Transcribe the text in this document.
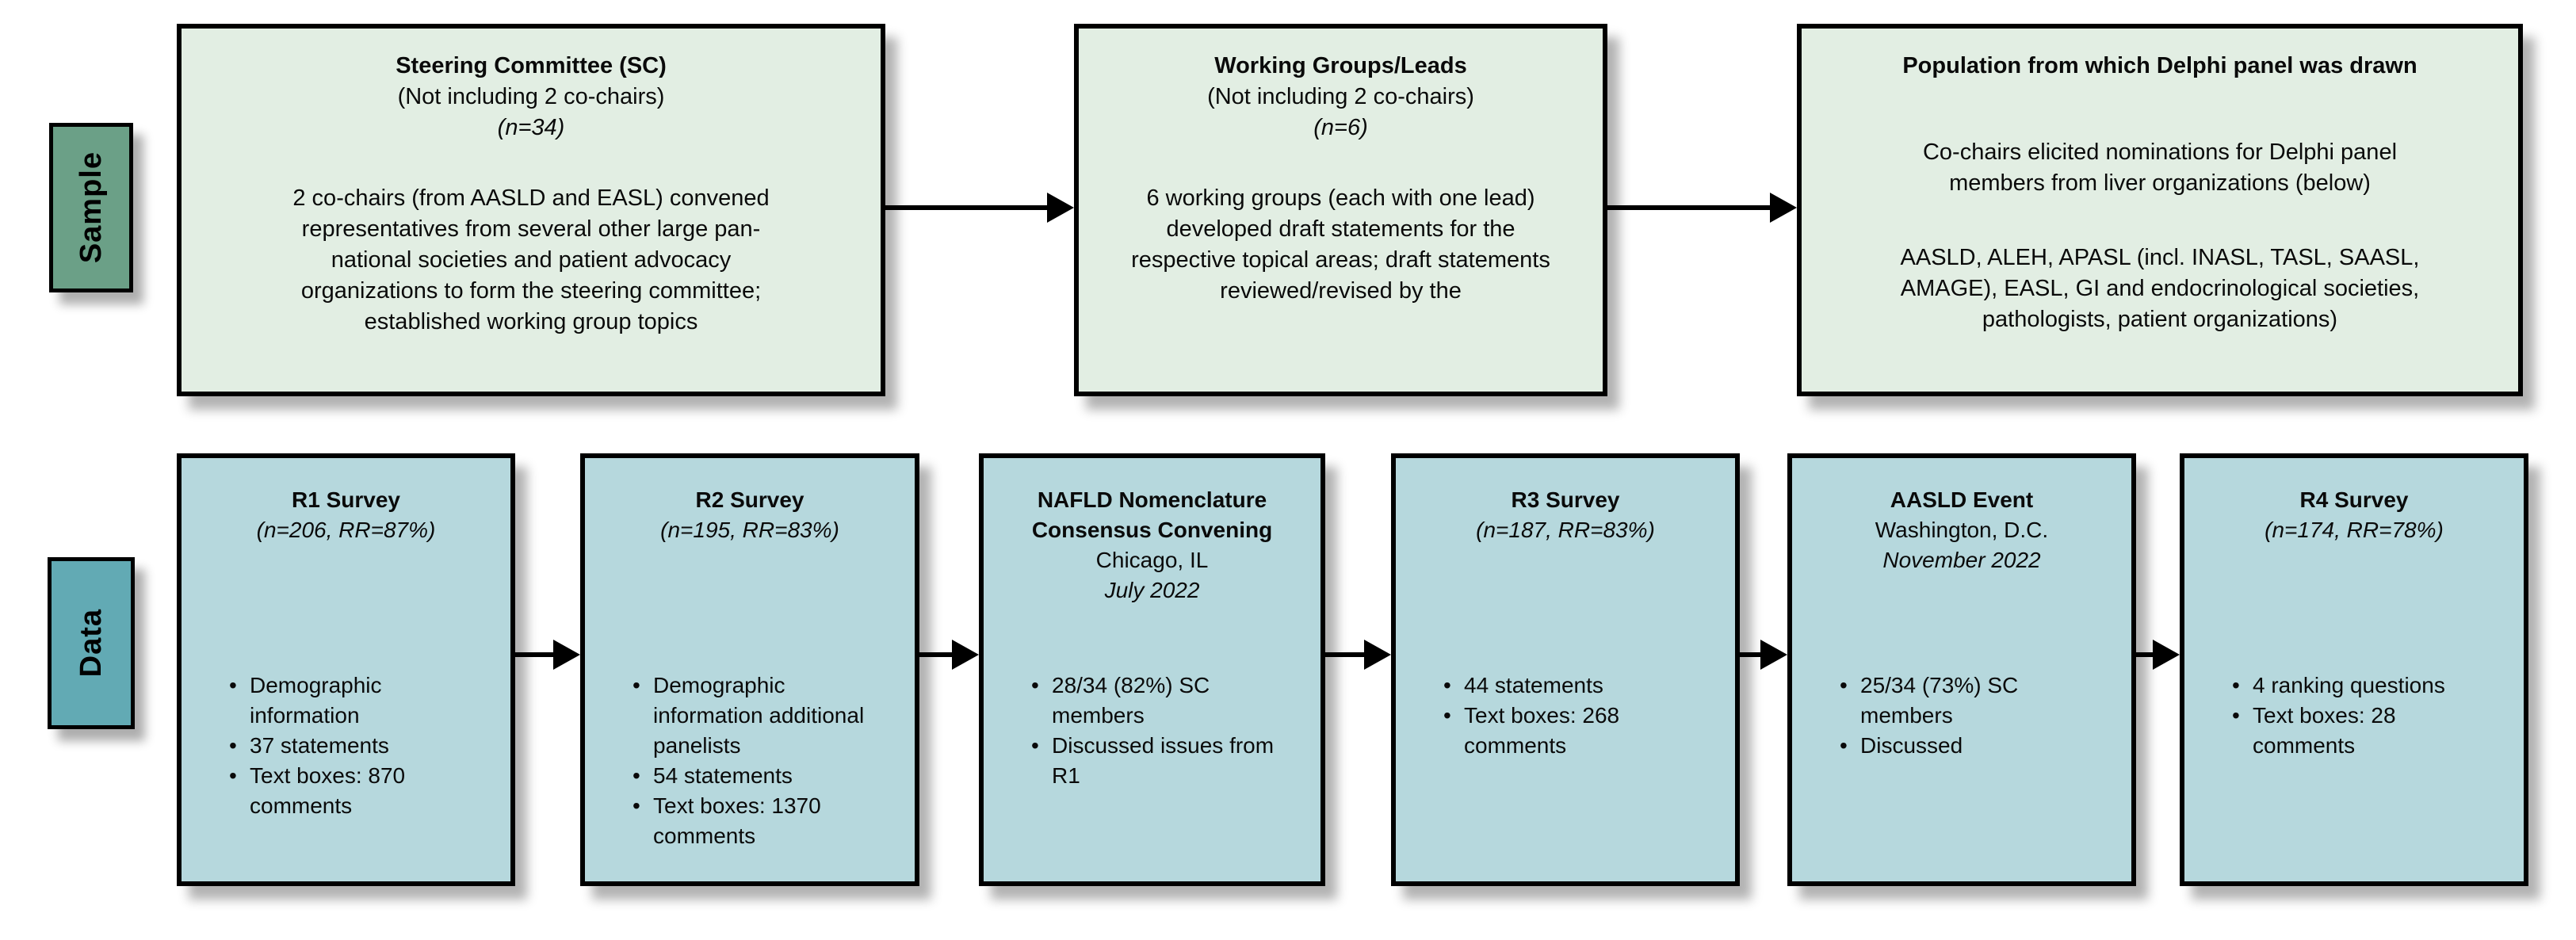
Sample
Data
Steering Committee (SC)
(Not including 2 co-chairs)
(n=34)
2 co-chairs (from AASLD and EASL) convened representatives from several other large pan-national societies and patient advocacy organizations to form the steering committee; established working group topics
Working Groups/Leads
(Not including 2 co-chairs)
(n=6)
6 working groups (each with one lead) developed draft statements for the respective topical areas; draft statements reviewed/revised by the
Population from which Delphi panel was drawn
Co-chairs elicited nominations for Delphi panel members from liver organizations (below)
AASLD, ALEH, APASL (incl. INASL, TASL, SAASL, AMAGE), EASL, GI and endocrinological societies, pathologists, patient organizations)
R1 Survey
(n=206, RR=87%)
• Demographic information
• 37 statements
• Text boxes: 870 comments
R2 Survey
(n=195, RR=83%)
• Demographic information additional panelists
• 54 statements
• Text boxes: 1370 comments
NAFLD Nomenclature Consensus Convening
Chicago, IL
July 2022
• 28/34 (82%) SC members
• Discussed issues from R1
R3 Survey
(n=187, RR=83%)
• 44 statements
• Text boxes: 268 comments
AASLD Event
Washington, D.C.
November 2022
• 25/34 (73%) SC members
• Discussed
R4 Survey
(n=174, RR=78%)
• 4 ranking questions
• Text boxes: 28 comments
